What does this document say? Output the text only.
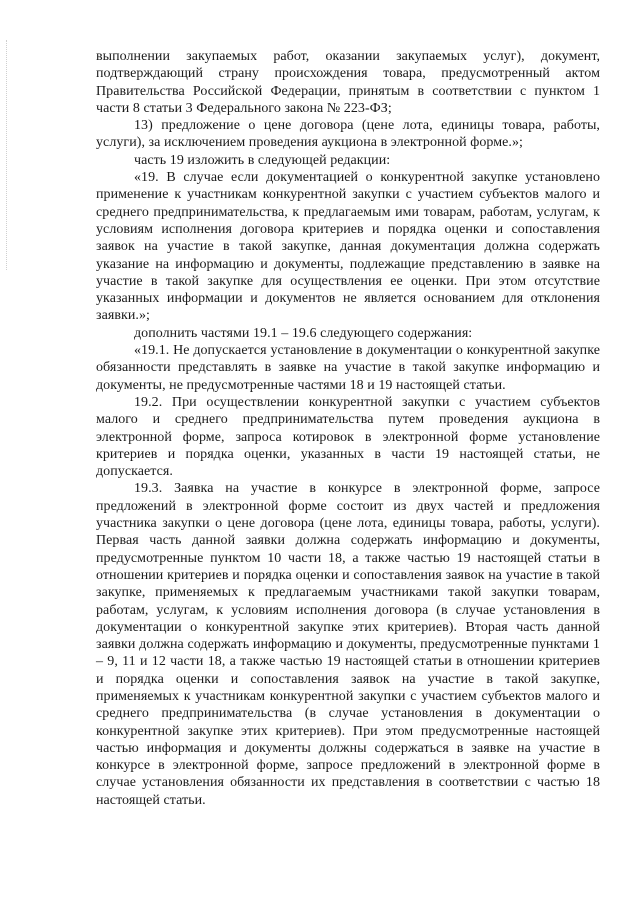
выполнении закупаемых работ, оказании закупаемых услуг), документ, подтверждающий страну происхождения товара, предусмотренный актом Правительства Российской Федерации, принятым в соответствии с пунктом 1 части 8 статьи 3 Федерального закона № 223-ФЗ;

13) предложение о цене договора (цене лота, единицы товара, работы, услуги), за исключением проведения аукциона в электронной форме.»;

часть 19 изложить в следующей редакции:

«19. В случае если документацией о конкурентной закупке установлено применение к участникам конкурентной закупки с участием субъектов малого и среднего предпринимательства, к предлагаемым ими товарам, работам, услугам, к условиям исполнения договора критериев и порядка оценки и сопоставления заявок на участие в такой закупке, данная документация должна содержать указание на информацию и документы, подлежащие представлению в заявке на участие в такой закупке для осуществления ее оценки. При этом отсутствие указанных информации и документов не является основанием для отклонения заявки.»;

дополнить частями 19.1 – 19.6 следующего содержания:

«19.1. Не допускается установление в документации о конкурентной закупке обязанности представлять в заявке на участие в такой закупке информацию и документы, не предусмотренные частями 18 и 19 настоящей статьи.

19.2. При осуществлении конкурентной закупки с участием субъектов малого и среднего предпринимательства путем проведения аукциона в электронной форме, запроса котировок в электронной форме установление критериев и порядка оценки, указанных в части 19 настоящей статьи, не допускается.

19.3. Заявка на участие в конкурсе в электронной форме, запросе предложений в электронной форме состоит из двух частей и предложения участника закупки о цене договора (цене лота, единицы товара, работы, услуги). Первая часть данной заявки должна содержать информацию и документы, предусмотренные пунктом 10 части 18, а также частью 19 настоящей статьи в отношении критериев и порядка оценки и сопоставления заявок на участие в такой закупке, применяемых к предлагаемым участниками такой закупки товарам, работам, услугам, к условиям исполнения договора (в случае установления в документации о конкурентной закупке этих критериев). Вторая часть данной заявки должна содержать информацию и документы, предусмотренные пунктами 1 – 9, 11 и 12 части 18, а также частью 19 настоящей статьи в отношении критериев и порядка оценки и сопоставления заявок на участие в такой закупке, применяемых к участникам конкурентной закупки с участием субъектов малого и среднего предпринимательства (в случае установления в документации о конкурентной закупке этих критериев). При этом предусмотренные настоящей частью информация и документы должны содержаться в заявке на участие в конкурсе в электронной форме, запросе предложений в электронной форме в случае установления обязанности их представления в соответствии с частью 18 настоящей статьи.
